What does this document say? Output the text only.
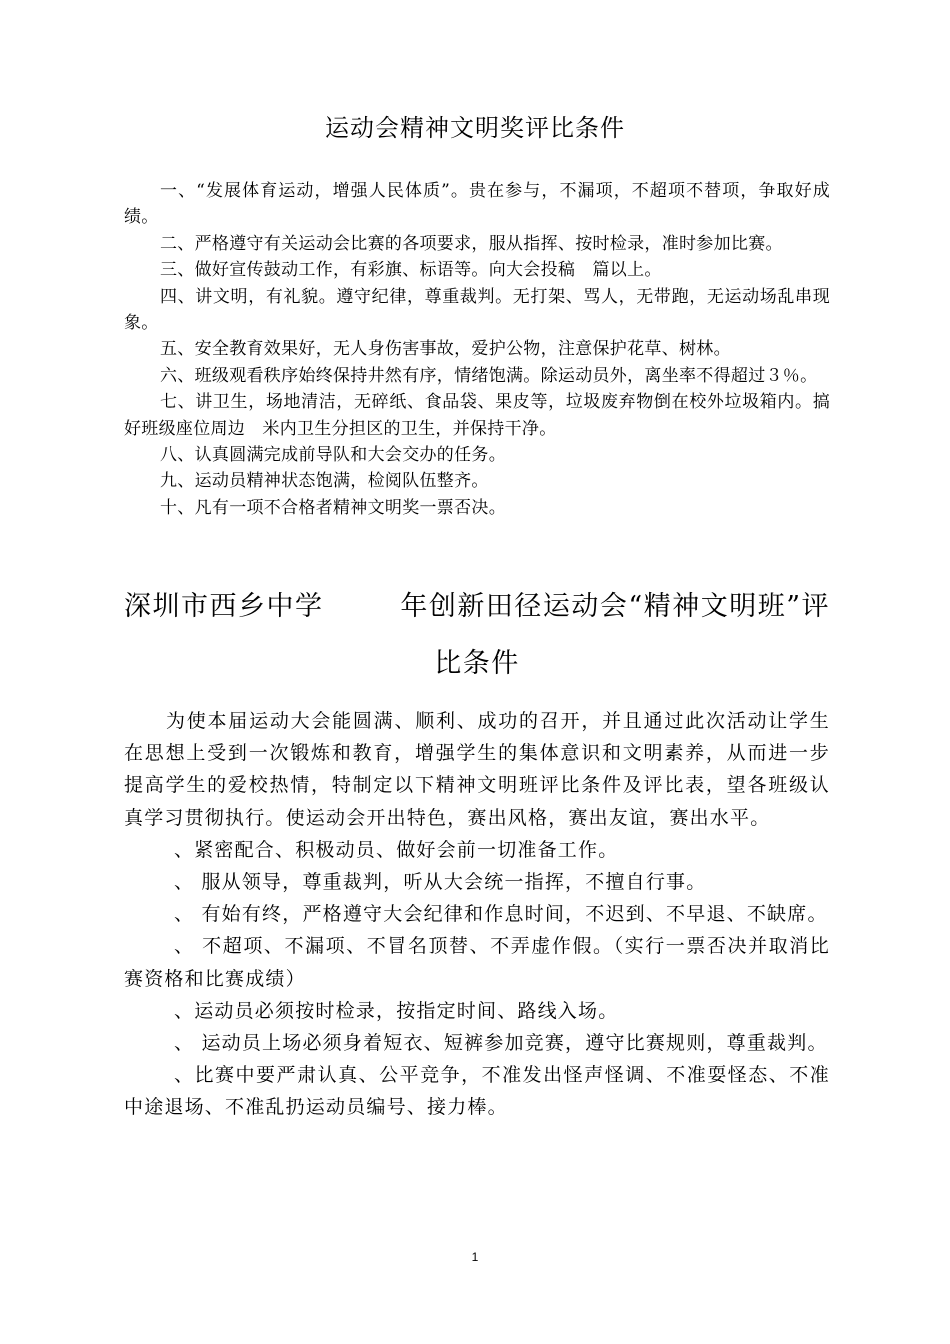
运动会精神文明奖评比条件

一、“发展体育运动，增强人民体质”。贵在参与，不漏项，不超项不替项，争取好成绩。

二、严格遵守有关运动会比赛的各项要求，服从指挥、按时检录，准时参加比赛。

三、做好宣传鼓动工作，有彩旗、标语等。向大会投稿　篇以上。

四、讲文明，有礼貌。遵守纪律，尊重裁判。无打架、骂人，无带跑，无运动场乱串现象。

五、安全教育效果好，无人身伤害事故，爱护公物，注意保护花草、树林。

六、班级观看秩序始终保持井然有序，情绪饱满。除运动员外，离坐率不得超过３％。

七、讲卫生，场地清洁，无碎纸、食品袋、果皮等，垃圾废弃物倒在校外垃圾箱内。搞好班级座位周边　米内卫生分担区的卫生，并保持干净。

八、认真圆满完成前导队和大会交办的任务。

九、运动员精神状态饱满，检阅队伍整齐。

十、凡有一项不合格者精神文明奖一票否决。

深圳市西乡中学	年创新田径运动会“精神文明班”评
比条件

为使本届运动大会能圆满、顺利、成功的召开，并且通过此次活动让学生在思想上受到一次锻炼和教育，增强学生的集体意识和文明素养，从而进一步提高学生的爱校热情，特制定以下精神文明班评比条件及评比表，望各班级认真学习贯彻执行。使运动会开出特色，赛出风格，赛出友谊，赛出水平。

、紧密配合、积极动员、做好会前一切准备工作。

、 服从领导，尊重裁判，听从大会统一指挥，不擅自行事。

、 有始有终，严格遵守大会纪律和作息时间，不迟到、不早退、不缺席。

、 不超项、不漏项、不冒名顶替、不弄虚作假。（实行一票否决并取消比赛资格和比赛成绩）

、运动员必须按时检录，按指定时间、路线入场。

、 运动员上场必须身着短衣、短裤参加竞赛，遵守比赛规则，尊重裁判。

、比赛中要严肃认真、公平竞争，不准发出怪声怪调、不准耍怪态、不准中途退场、不准乱扔运动员编号、接力棒。

1
